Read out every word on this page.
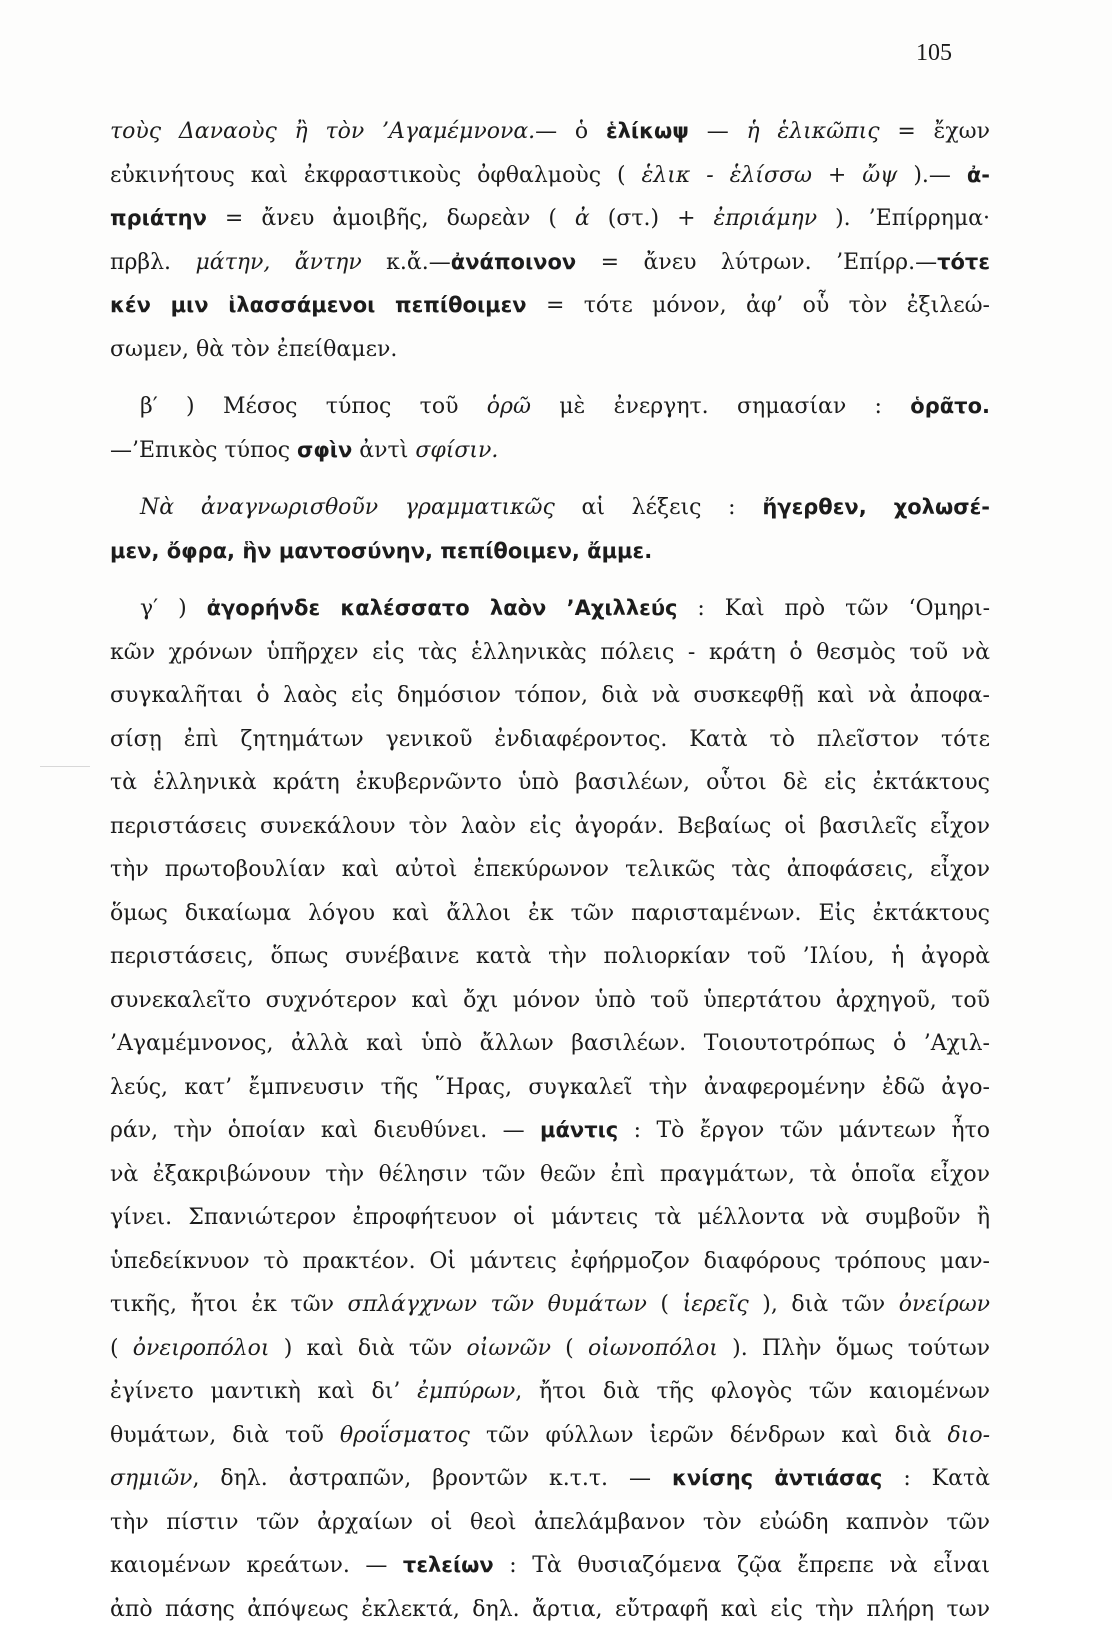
105
τοὺς Δαναοὺς ἢ τὸν ’Αγαμέμνονα.— ὁ ἑλίκωψ — ἡ ἑλικῶπις = ἔχων
εὐκινήτους καὶ ἐκφραστικοὺς ὀφθαλμοὺς ( ἑλικ - ἑλίσσω + ὤψ ).— ἀ-
πριάτην = ἄνευ ἀμοιβῆς, δωρεὰν ( ἀ (στ.) + ἐπριάμην ). ’Επίρρημα·
πρβλ. μάτην, ἄντην κ.ἄ.—ἀνάποινον = ἄνευ λύτρων. ’Επίρρ.—τότε
κέν μιν ἱλασσάμενοι πεπίθοιμεν = τότε μόνον, ἀφ’ οὗ τὸν ἐξιλεώ-
σωμεν, θὰ τὸν ἐπείθαμεν.
β′ ) Μέσος τύπος τοῦ ὁρῶ μὲ ἐνεργητ. σημασίαν : ὁρᾶτο.
—’Επικὸς τύπος σφὶν ἀντὶ σφίσιν.
Νὰ ἀναγνωρισθοῦν γραμματικῶς αἱ λέξεις : ἤγερθεν, χολωσέ-
μεν, ὄφρα, ἣν μαντοσύνην, πεπίθοιμεν, ἄμμε.
γ′ ) ἀγορήνδε καλέσσατο λαὸν ’Αχιλλεύς : Καὶ πρὸ τῶν ‘Ομηρι-
κῶν χρόνων ὑπῆρχεν εἰς τὰς ἑλληνικὰς πόλεις - κράτη ὁ θεσμὸς τοῦ νὰ
συγκαλῆται ὁ λαὸς εἰς δημόσιον τόπον, διὰ νὰ συσκεφθῇ καὶ νὰ ἀποφα-
σίσῃ ἐπὶ ζητημάτων γενικοῦ ἐνδιαφέροντος. Κατὰ τὸ πλεῖστον τότε
τὰ ἑλληνικὰ κράτη ἐκυβερνῶντο ὑπὸ βασιλέων, οὗτοι δὲ εἰς ἐκτάκτους
περιστάσεις συνεκάλουν τὸν λαὸν εἰς ἀγοράν. Βεβαίως οἱ βασιλεῖς εἶχον
τὴν πρωτοβουλίαν καὶ αὐτοὶ ἐπεκύρωνον τελικῶς τὰς ἀποφάσεις, εἶχον
ὅμως δικαίωμα λόγου καὶ ἄλλοι ἐκ τῶν παρισταμένων. Εἰς ἐκτάκτους
περιστάσεις, ὅπως συνέβαινε κατὰ τὴν πολιορκίαν τοῦ ’Ιλίου, ἡ ἀγορὰ
συνεκαλεῖτο συχνότερον καὶ ὄχι μόνον ὑπὸ τοῦ ὑπερτάτου ἀρχηγοῦ, τοῦ
’Αγαμέμνονος, ἀλλὰ καὶ ὑπὸ ἄλλων βασιλέων. Τοιουτοτρόπως ὁ ’Αχιλ-
λεύς, κατ’ ἔμπνευσιν τῆς ῞Ηρας, συγκαλεῖ τὴν ἀναφερομένην ἐδῶ ἀγο-
ράν, τὴν ὁποίαν καὶ διευθύνει. — μάντις : Τὸ ἔργον τῶν μάντεων ἦτο
νὰ ἐξακριβώνουν τὴν θέλησιν τῶν θεῶν ἐπὶ πραγμάτων, τὰ ὁποῖα εἶχον
γίνει. Σπανιώτερον ἐπροφήτευον οἱ μάντεις τὰ μέλλοντα νὰ συμβοῦν ἢ
ὑπεδείκνυον τὸ πρακτέον. Οἱ μάντεις ἐφήρμοζον διαφόρους τρόπους μαν-
τικῆς, ἤτοι ἐκ τῶν σπλάγχνων τῶν θυμάτων ( ἱερεῖς ), διὰ τῶν ὀνείρων
( ὀνειροπόλοι ) καὶ διὰ τῶν οἰωνῶν ( οἰωνοπόλοι ). Πλὴν ὅμως τούτων
ἐγίνετο μαντικὴ καὶ δι’ ἐμπύρων, ἤτοι διὰ τῆς φλογὸς τῶν καιομένων
θυμάτων, διὰ τοῦ θροΐσματος τῶν φύλλων ἱερῶν δένδρων καὶ διὰ διο-
σημιῶν, δηλ. ἀστραπῶν, βροντῶν κ.τ.τ. — κνίσης ἀντιάσας : Κατὰ
τὴν πίστιν τῶν ἀρχαίων οἱ θεοὶ ἀπελάμβανον τὸν εὐώδη καπνὸν τῶν
καιομένων κρεάτων. — τελείων : Τὰ θυσιαζόμενα ζῷα ἔπρεπε νὰ εἶναι
ἀπὸ πάσης ἀπόψεως ἐκλεκτά, δηλ. ἄρτια, εὔτραφῆ καὶ εἰς τὴν πλήρη των
